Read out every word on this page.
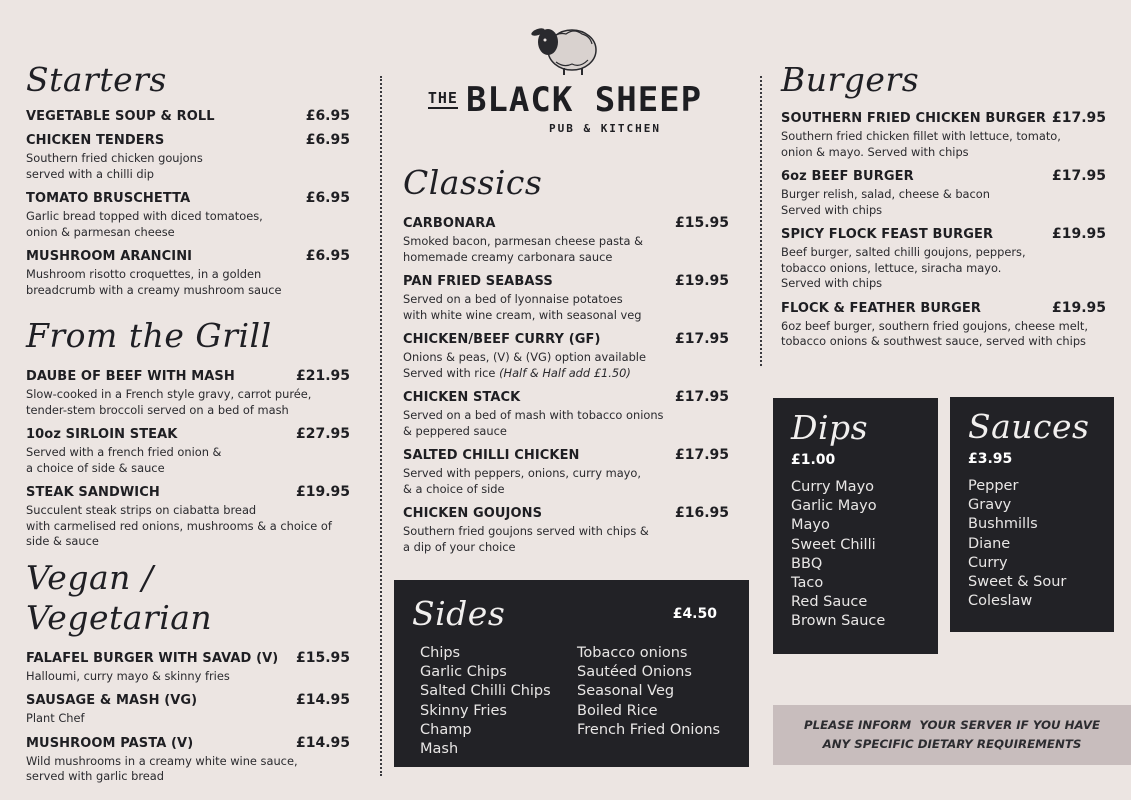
Starters
VEGETABLE SOUP & ROLL	£6.95
CHICKEN TENDERS	£6.95
Southern fried chicken goujons
served with a chilli dip
TOMATO BRUSCHETTA	£6.95
Garlic bread topped with diced tomatoes,
onion & parmesan cheese
MUSHROOM ARANCINI	£6.95
Mushroom risotto croquettes, in a golden
breadcrumb with a creamy mushroom sauce
From the Grill
DAUBE OF BEEF WITH MASH	£21.95
Slow-cooked in a French style gravy, carrot purée,
tender-stem broccoli served on a bed of mash
10oz SIRLOIN STEAK	£27.95
Served with a french fried onion &
a choice of side & sauce
STEAK SANDWICH	£19.95
Succulent steak strips on ciabatta bread
with carmelised red onions, mushrooms & a choice of
side & sauce
Vegan / Vegetarian
FALAFEL BURGER WITH SAVAD (V) £15.95
Halloumi, curry mayo & skinny fries
SAUSAGE & MASH (VG)	£14.95
Plant Chef
MUSHROOM PASTA (V)	£14.95
Wild mushrooms in a creamy white wine sauce,
served with garlic bread
THE BLACK SHEEP
PUB & KITCHEN
Classics
CARBONARA	£15.95
Smoked bacon, parmesan cheese pasta &
homemade creamy carbonara sauce
PAN FRIED SEABASS	£19.95
Served on a bed of lyonnaise potatoes
with white wine cream, with seasonal veg
CHICKEN/BEEF CURRY (GF)	£17.95
Onions & peas, (V) & (VG) option available
Served with rice (Half & Half add £1.50)
CHICKEN STACK	£17.95
Served on a bed of mash with tobacco onions
& peppered sauce
SALTED CHILLI CHICKEN	£17.95
Served with peppers, onions, curry mayo,
& a choice of side
CHICKEN GOUJONS	£16.95
Southern fried goujons served with chips &
a dip of your choice
Sides	£4.50
Chips
Garlic Chips
Salted Chilli Chips
Skinny Fries
Champ
Mash
Tobacco onions
Sautéed Onions
Seasonal Veg
Boiled Rice
French Fried Onions
Burgers
SOUTHERN FRIED CHICKEN BURGER £17.95
Southern fried chicken fillet with lettuce, tomato,
onion & mayo. Served with chips
6oz BEEF BURGER	£17.95
Burger relish, salad, cheese & bacon
Served with chips
SPICY FLOCK FEAST BURGER	£19.95
Beef burger, salted chilli goujons, peppers,
tobacco onions, lettuce, siracha mayo.
Served with chips
FLOCK & FEATHER BURGER	£19.95
6oz beef burger, southern fried goujons, cheese melt,
tobacco onions & southwest sauce, served with chips
Dips
£1.00
Curry Mayo
Garlic Mayo
Mayo
Sweet Chilli
BBQ
Taco
Red Sauce
Brown Sauce
Sauces
£3.95
Pepper
Gravy
Bushmills
Diane
Curry
Sweet & Sour
Coleslaw
PLEASE INFORM  YOUR SERVER IF YOU HAVE
ANY SPECIFIC DIETARY REQUIREMENTS
